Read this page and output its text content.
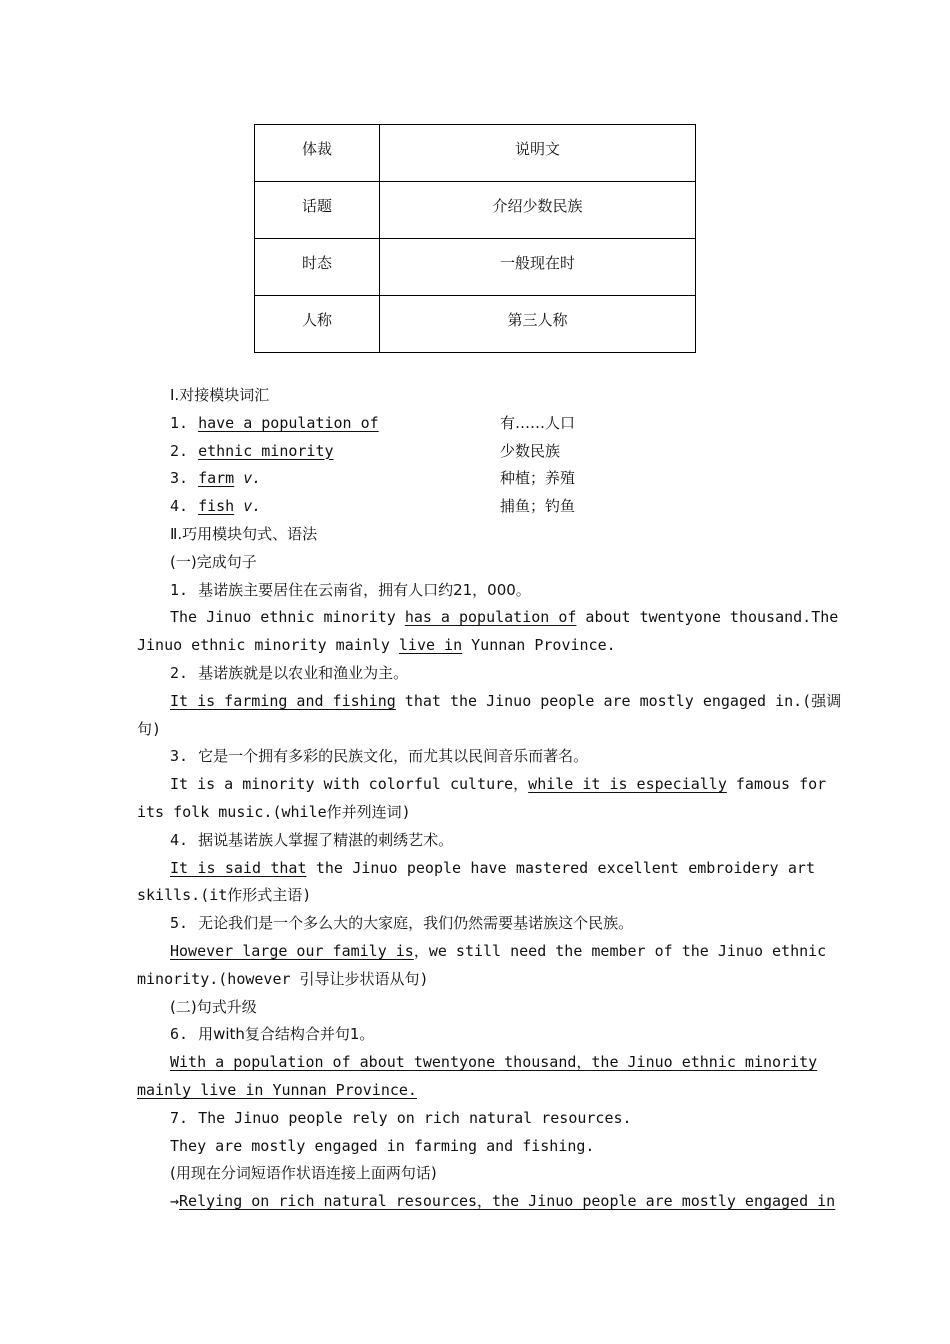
体裁	说明文
话题	介绍少数民族
时态	一般现在时
人称	第三人称
Ⅰ.对接模块词汇
1. have a population of	有……人口
2. ethnic minority	少数民族
3. farm v.	种植；养殖
4. fish v.	捕鱼；钓鱼
Ⅱ.巧用模块句式、语法
(一)完成句子
1. 基诺族主要居住在云南省，拥有人口约21，000。
The Jinuo ethnic minority has a population of about twentyone thousand.The
Jinuo ethnic minority mainly live in Yunnan Province.
2. 基诺族就是以农业和渔业为主。
It is farming and fishing that the Jinuo people are mostly engaged in.(强调
句)
3. 它是一个拥有多彩的民族文化，而尤其以民间音乐而著名。
It is a minority with colorful culture，while it is especially famous for
its folk music.(while作并列连词)
4. 据说基诺族人掌握了精湛的刺绣艺术。
It is said that the Jinuo people have mastered excellent embroidery art
skills.(it作形式主语)
5. 无论我们是一个多么大的大家庭，我们仍然需要基诺族这个民族。
However large our family is，we still need the member of the Jinuo ethnic
minority.(however 引导让步状语从句)
(二)句式升级
6. 用with复合结构合并句1。
With a population of about twentyone thousand，the Jinuo ethnic minority
mainly live in Yunnan Province.
7. The Jinuo people rely on rich natural resources.
They are mostly engaged in farming and fishing.
(用现在分词短语作状语连接上面两句话)
→Relying on rich natural resources，the Jinuo people are mostly engaged in
